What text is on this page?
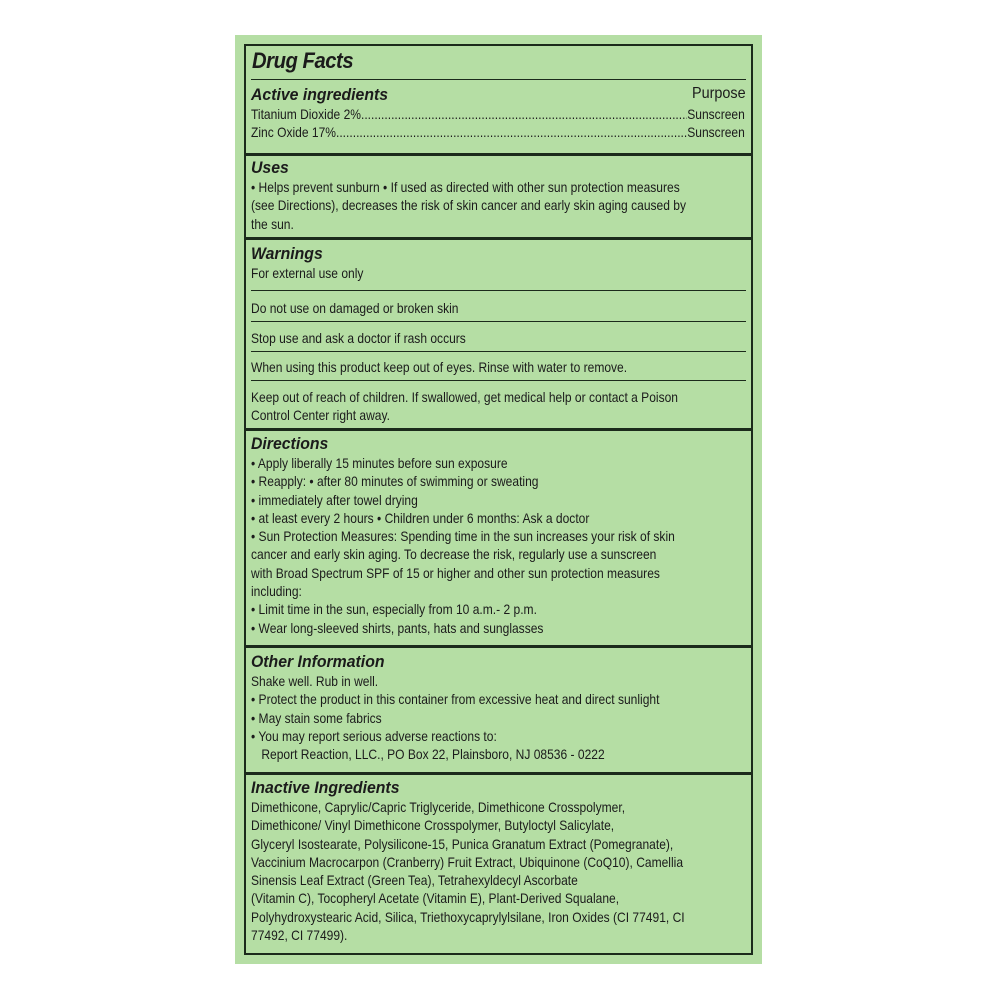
Drug Facts
Active ingredients	Purpose
Titanium Dioxide 2% .....	Sunscreen
Zinc Oxide 17% .....	Sunscreen
Uses
• Helps prevent sunburn • If used as directed with other sun protection measures
(see Directions), decreases the risk of skin cancer and early skin aging caused by
the sun.
Warnings
For external use only
Do not use on damaged or broken skin
Stop use and ask a doctor if rash occurs
When using this product keep out of eyes. Rinse with water to remove.
Keep out of reach of children. If swallowed, get medical help or contact a Poison
Control Center right away.
Directions
• Apply liberally 15 minutes before sun exposure
• Reapply: • after 80 minutes of swimming or sweating
• immediately after towel drying
• at least every 2 hours • Children under 6 months: Ask a doctor
• Sun Protection Measures: Spending time in the sun increases your risk of skin
cancer and early skin aging. To decrease the risk, regularly use a sunscreen
with Broad Spectrum SPF of 15 or higher and other sun protection measures
including:
• Limit time in the sun, especially from 10 a.m.- 2 p.m.
• Wear long-sleeved shirts, pants, hats and sunglasses
Other Information
Shake well. Rub in well.
• Protect the product in this container from excessive heat and direct sunlight
• May stain some fabrics
• You may report serious adverse reactions to:
Report Reaction, LLC., PO Box 22, Plainsboro, NJ 08536 - 0222
Inactive Ingredients
Dimethicone, Caprylic/Capric Triglyceride, Dimethicone Crosspolymer,
Dimethicone/ Vinyl Dimethicone Crosspolymer, Butyloctyl Salicylate,
Glyceryl Isostearate, Polysilicone-15, Punica Granatum Extract (Pomegranate),
Vaccinium Macrocarpon (Cranberry) Fruit Extract, Ubiquinone (CoQ10), Camellia
Sinensis Leaf Extract (Green Tea), Tetrahexyldecyl Ascorbate
(Vitamin C), Tocopheryl Acetate (Vitamin E), Plant-Derived Squalane,
Polyhydroxystearic Acid, Silica, Triethoxycaprylylsilane, Iron Oxides (CI 77491, CI
77492, CI 77499).
